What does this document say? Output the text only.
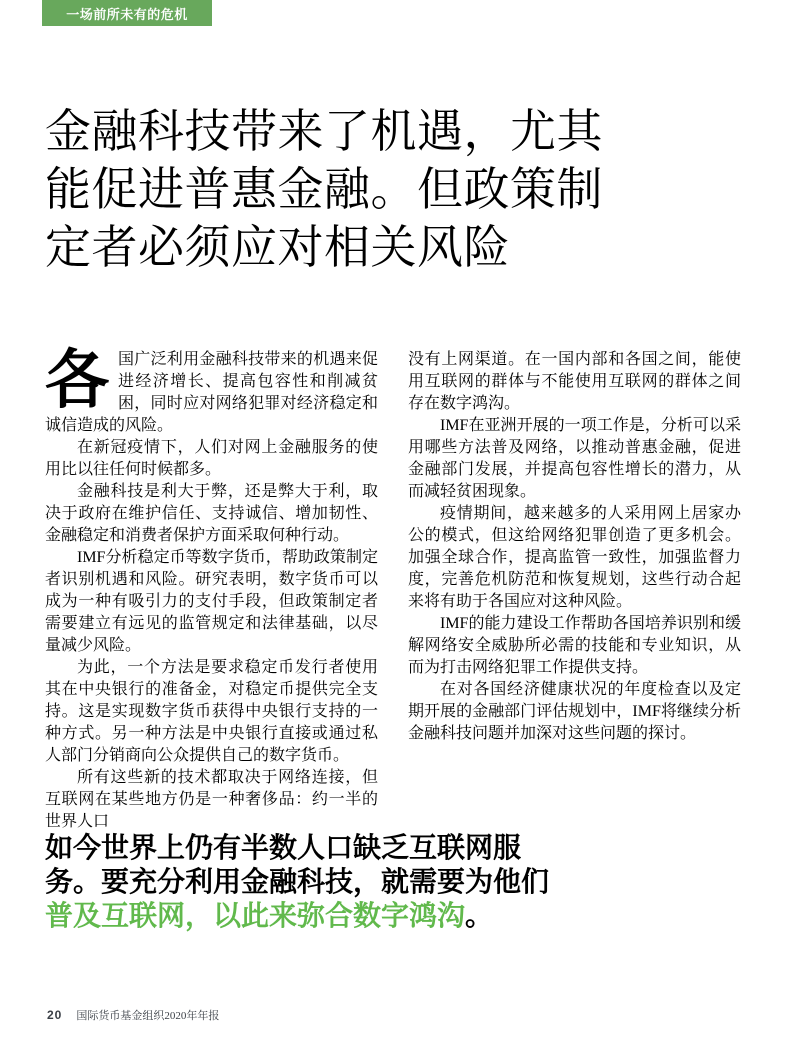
一场前所未有的危机
金融科技带来了机遇，尤其
能促进普惠金融。但政策制
定者必须应对相关风险

各国广泛利用金融科技带来的机遇来促进经济增长、提高包容性和削减贫困，同时应对网络犯罪对经济稳定和诚信造成的风险。

在新冠疫情下，人们对网上金融服务的使用比以往任何时候都多。

金融科技是利大于弊，还是弊大于利，取决于政府在维护信任、支持诚信、增加韧性、金融稳定和消费者保护方面采取何种行动。

IMF分析稳定币等数字货币，帮助政策制定者识别机遇和风险。研究表明，数字货币可以成为一种有吸引力的支付手段，但政策制定者需要建立有远见的监管规定和法律基础，以尽量减少风险。

为此，一个方法是要求稳定币发行者使用其在中央银行的准备金，对稳定币提供完全支持。这是实现数字货币获得中央银行支持的一种方式。另一种方法是中央银行直接或通过私人部门分销商向公众提供自己的数字货币。

所有这些新的技术都取决于网络连接，但互联网在某些地方仍是一种奢侈品：约一半的世界人口

没有上网渠道。在一国内部和各国之间，能使用互联网的群体与不能使用互联网的群体之间存在数字鸿沟。

IMF在亚洲开展的一项工作是，分析可以采用哪些方法普及网络，以推动普惠金融，促进金融部门发展，并提高包容性增长的潜力，从而减轻贫困现象。

疫情期间，越来越多的人采用网上居家办公的模式，但这给网络犯罪创造了更多机会。加强全球合作，提高监管一致性，加强监督力度，完善危机防范和恢复规划，这些行动合起来将有助于各国应对这种风险。

IMF的能力建设工作帮助各国培养识别和缓解网络安全威胁所必需的技能和专业知识，从而为打击网络犯罪工作提供支持。

在对各国经济健康状况的年度检查以及定期开展的金融部门评估规划中，IMF将继续分析金融科技问题并加深对这些问题的探讨。

如今世界上仍有半数人口缺乏互联网服
务。要充分利用金融科技，就需要为他们
普及互联网，以此来弥合数字鸿沟。
20 国际货币基金组织2020年年报
